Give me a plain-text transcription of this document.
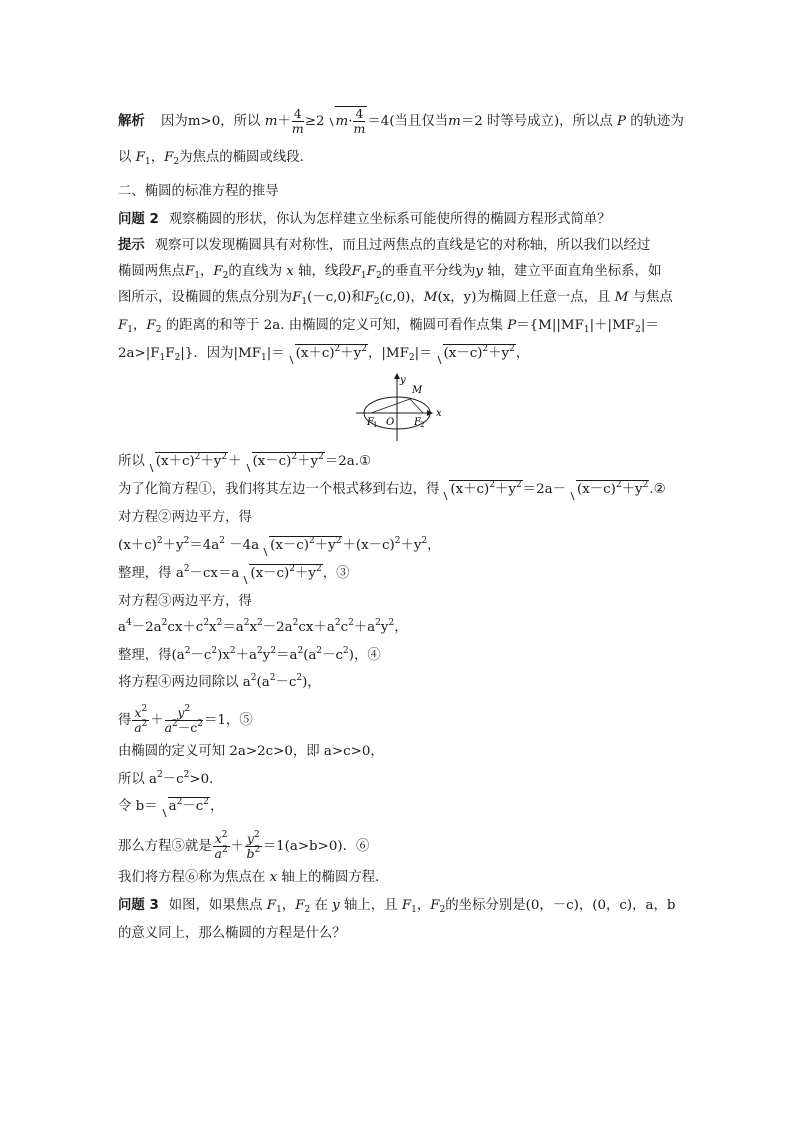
解析 因为m>0，所以 $m+ \frac{4}{m} \ge 2$ $m\cdot \frac{4}{m} =4$(当且仅当m＝2 时等号成立)，所以点 P 的轨迹为
以 $F_1$，$F_2$为焦点的椭圆或线段．
二、椭圆的标准方程的推导
问题 2 观察椭圆的形状，你认为怎样建立坐标系可能使所得的椭圆方程形式简单？
提示 观察可以发现椭圆具有对称性，而且过两焦点的直线是它的对称轴，所以我们以经过
椭圆两焦点$F_1$，$F_2$的直线为 x 轴，线段$F_1F_2$的垂直平分线为y 轴，建立平面直角坐标系，如
图所示，设椭圆的焦点分别为$F_1(-c,0)$和$F_2(c,0)$，M(x，y)为椭圆上任意一点，且 M 与焦点
$F_1$，$F_2$ 的距离的和等于 2a. 由椭圆的定义可知，椭圆可看作点集 $P=\{M||MF_1|+|MF_2|=$
$2a>|F_1F_2|$}．因为$|MF_1|= (x+c)^2+y^2$，$|MF_2|= (x-c)^2+y^2$，
y
M
x
F 1 O F 2
所以 $(x+c)^2+y^2+$ $(x-c)^2+y^2=2a.①$
为了化简方程①，我们将其左边一个根式移到右边，得 $(x+c)^2+y^2=2a-$ $(x-c)^2+y^2.②$
对方程②两边平方，得
$(x+c)^2+y^2=4a^2 -4a$ $(x-c)^2+y^2+(x-c)^2+y^2$，
整理，得 $a^2-cx=a$ $(x-c)^2+y^2$，③
对方程③两边平方，得
$a^4-2a^2cx+c^2x^2=a^2x^2-2a^2cx+a^2c^2+a^2y^2$，
整理，得$(a^2-c^2)x^2+a^2y^2=a^2(a^2-c^2)$，④
将方程④两边同除以 $a^2(a^2-c^2)$，
得 $\frac{x^2}{a^2} + \frac{y^2}{a^2-c^2} =1$，⑤
由椭圆的定义可知 2a>2c>0，即 a>c>0，
所以 $a^2-c^2>0$.
令 $b= a^2-c^2$，
那么方程⑤就是 $\frac{x^2}{a^2} + \frac{y^2}{b^2} =1(a>b>0)$．⑥
我们将方程⑥称为焦点在 x 轴上的椭圆方程．
问题 3 如图，如果焦点 $F_1$，$F_2$ 在 y 轴上，且 $F_1$，$F_2$的坐标分别是(0，－c)，(0，c)，a，b
的意义同上，那么椭圆的方程是什么？
